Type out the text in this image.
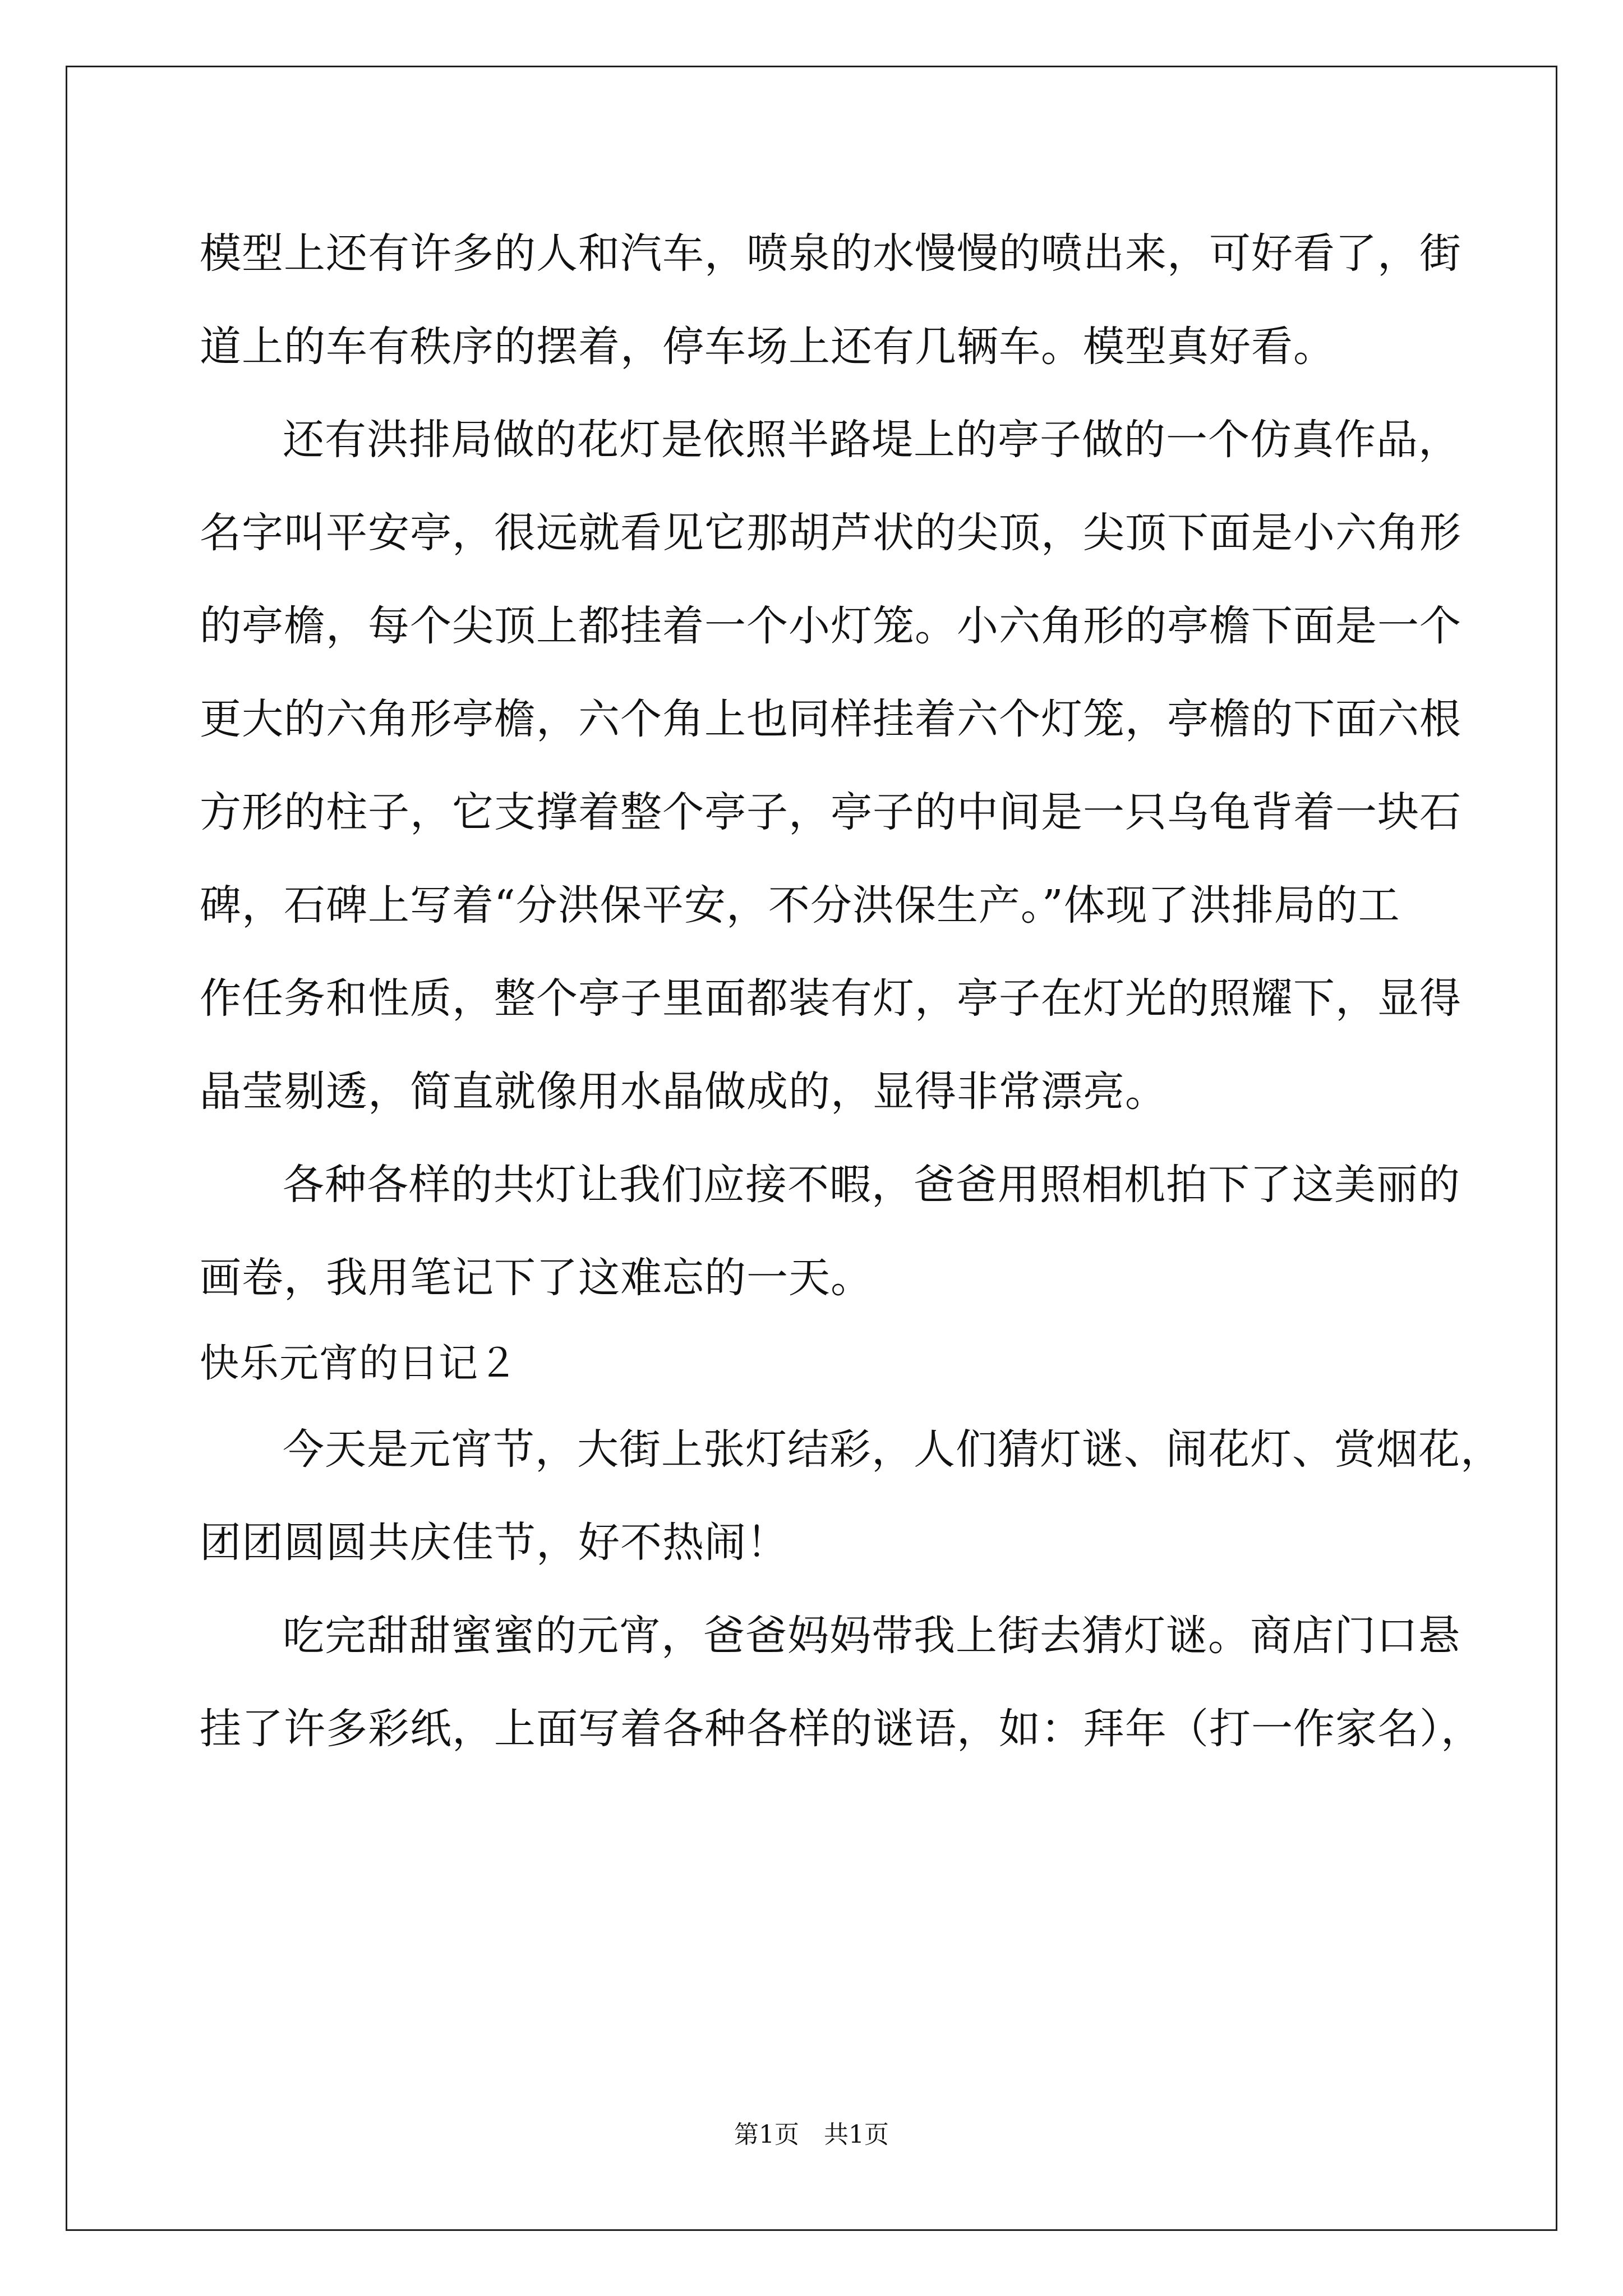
模型上还有许多的人和汽车，喷泉的水慢慢的喷出来，可好看了，街
道上的车有秩序的摆着，停车场上还有几辆车。模型真好看。
还有洪排局做的花灯是依照半路堤上的亭子做的一个仿真作品，
名字叫平安亭，很远就看见它那胡芦状的尖顶，尖顶下面是小六角形
的亭檐，每个尖顶上都挂着一个小灯笼。小六角形的亭檐下面是一个
更大的六角形亭檐，六个角上也同样挂着六个灯笼，亭檐的下面六根
方形的柱子，它支撑着整个亭子，亭子的中间是一只乌龟背着一块石
碑，石碑上写着“分洪保平安，不分洪保生产。”体现了洪排局的工
作任务和性质，整个亭子里面都装有灯，亭子在灯光的照耀下，显得
晶莹剔透，简直就像用水晶做成的，显得非常漂亮。
各种各样的共灯让我们应接不暇，爸爸用照相机拍下了这美丽的
画卷，我用笔记下了这难忘的一天。
快乐元宵的日记２
今天是元宵节，大街上张灯结彩，人们猜灯谜、闹花灯、赏烟花，
团团圆圆共庆佳节，好不热闹！
吃完甜甜蜜蜜的元宵，爸爸妈妈带我上街去猜灯谜。商店门口悬
挂了许多彩纸，上面写着各种各样的谜语，如：拜年（打一作家名），
第1页　共1页
